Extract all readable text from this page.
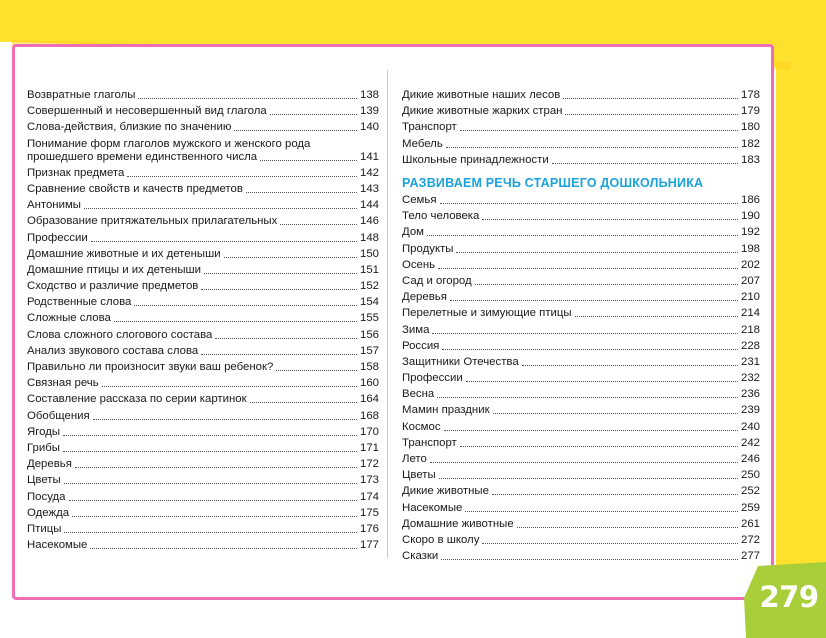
Возвратные глаголы	138
Совершенный и несовершенный вид глагола	139
Слова-действия, близкие по значению	140
Понимание форм глаголов мужского и женского рода
прошедшего времени единственного числа	141
Признак предмета	142
Сравнение свойств и качеств предметов	143
Антонимы	144
Образование притяжательных прилагательных	146
Профессии	148
Домашние животные и их детеныши	150
Домашние птицы и их детеныши	151
Сходство и различие предметов	152
Родственные слова	154
Сложные слова	155
Слова сложного слогового состава	156
Анализ звукового состава слова	157
Правильно ли произносит звуки ваш ребенок?	158
Связная речь	160
Составление рассказа по серии картинок	164
Обобщения	168
Ягоды	170
Грибы	171
Деревья	172
Цветы	173
Посуда	174
Одежда	175
Птицы	176
Насекомые	177
Дикие животные наших лесов	178
Дикие животные жарких стран	179
Транспорт	180
Мебель	182
Школьные принадлежности	183
РАЗВИВАЕМ РЕЧЬ СТАРШЕГО ДОШКОЛЬНИКА
Семья	186
Тело человека	190
Дом	192
Продукты	198
Осень	202
Сад и огород	207
Деревья	210
Перелетные и зимующие птицы	214
Зима	218
Россия	228
Защитники Отечества	231
Профессии	232
Весна	236
Мамин праздник	239
Космос	240
Транспорт	242
Лето	246
Цветы	250
Дикие животные	252
Насекомые	259
Домашние животные	261
Скоро в школу	272
Сказки	277
279
